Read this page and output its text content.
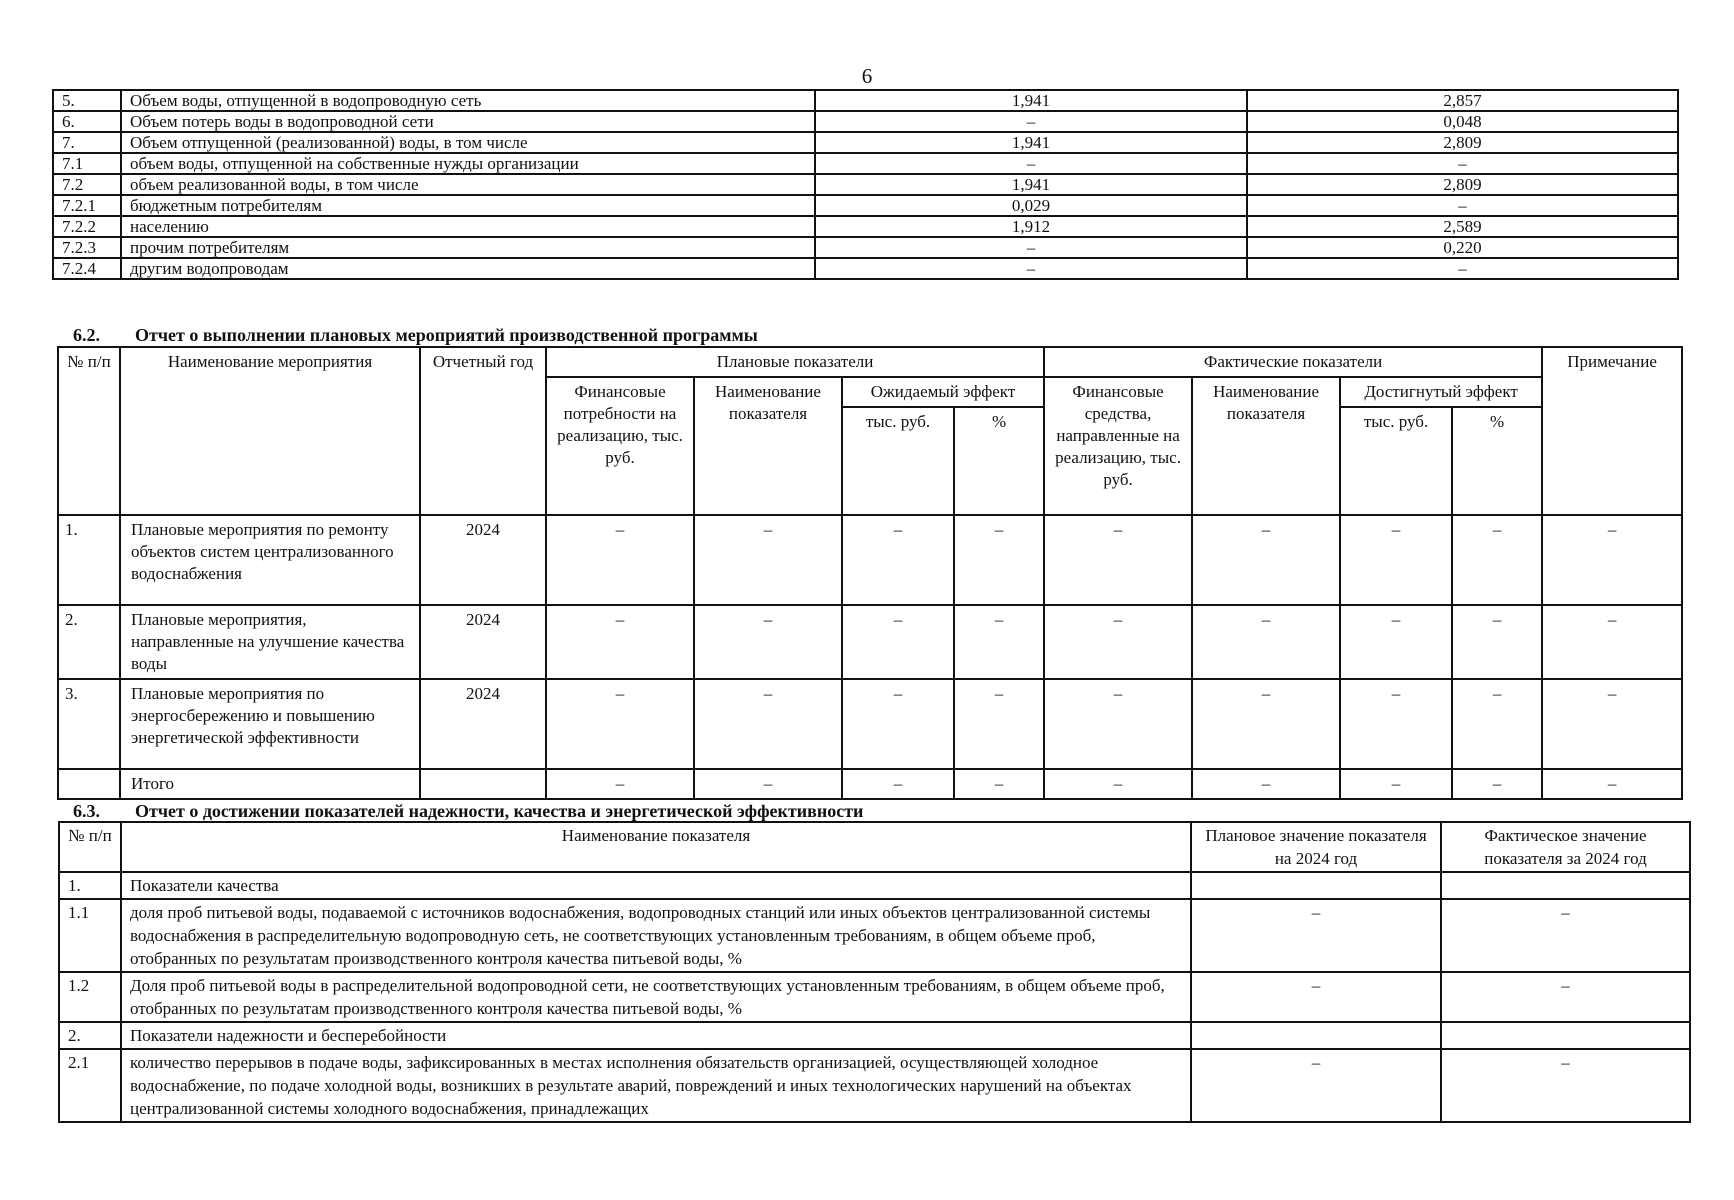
6
5.	Объем воды, отпущенной в водопроводную сеть	1,941	2,857
6.	Объем потерь воды в водопроводной сети	–	0,048
7.	Объем отпущенной (реализованной) воды, в том числе	1,941	2,809
7.1	объем воды, отпущенной на собственные нужды организации	–	–
7.2	объем реализованной воды, в том числе	1,941	2,809
7.2.1	бюджетным потребителям	0,029	–
7.2.2	населению	1,912	2,589
7.2.3	прочим потребителям	–	0,220
7.2.4	другим водопроводам	–	–
6.2. Отчет о выполнении плановых мероприятий производственной программы
№ п/п	Наименование мероприятия	Отчетный год	Плановые показатели				Фактические показатели				Примечание
			Финансовые потребности на реализацию, тыс. руб.	Наименование показателя	Ожидаемый эффект		Финансовые средства, направленные на реализацию, тыс. руб.	Наименование показателя	Достигнутый эффект		
					тыс. руб.	%			тыс. руб.	%	
1.	Плановые мероприятия по ремонту объектов систем централизованного водоснабжения	2024	–	–	–	–	–	–	–	–	–
2.	Плановые мероприятия, направленные на улучшение качества воды	2024	–	–	–	–	–	–	–	–	–
3.	Плановые мероприятия по энергосбережению и повышению энергетической эффективности	2024	–	–	–	–	–	–	–	–	–
	Итого		–	–	–	–	–	–	–	–	–
6.3. Отчет о достижении показателей надежности, качества и энергетической эффективности
№ п/п	Наименование показателя	Плановое значение показателя на 2024 год	Фактическое значение показателя за 2024 год
1.	Показатели качества		
1.1	доля проб питьевой воды, подаваемой с источников водоснабжения, водопроводных станций или иных объектов централизованной системы водоснабжения в распределительную водопроводную сеть, не соответствующих установленным требованиям, в общем объеме проб, отобранных по результатам производственного контроля качества питьевой воды, %	–	–
1.2	Доля проб питьевой воды в распределительной водопроводной сети, не соответствующих установленным требованиям, в общем объеме проб, отобранных по результатам производственного контроля качества питьевой воды, %	–	–
2.	Показатели надежности и бесперебойности		
2.1	количество перерывов в подаче воды, зафиксированных в местах исполнения обязательств организацией, осуществляющей холодное водоснабжение, по подаче холодной воды, возникших в результате аварий, повреждений и иных технологических нарушений на объектах централизованной системы холодного водоснабжения, принадлежащих	–	–
